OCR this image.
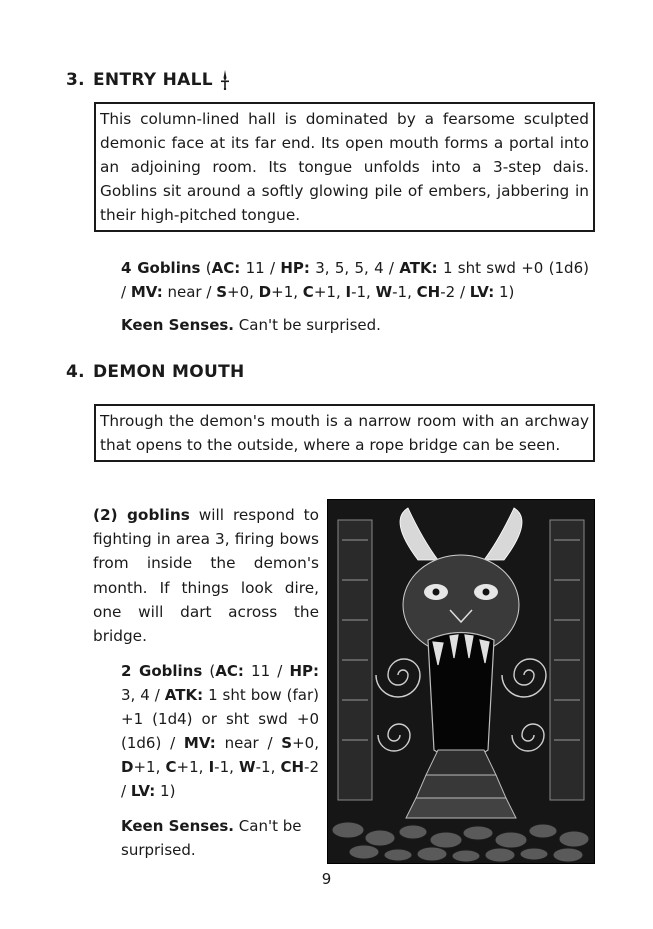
3. ENTRY HALL
This column-lined hall is dominated by a fearsome sculpted demonic face at its far end. Its open mouth forms a portal into an adjoining room. Its tongue unfolds into a 3-step dais. Goblins sit around a softly glowing pile of embers, jabbering in their high-pitched tongue.
4 Goblins (AC: 11 / HP: 3, 5, 5, 4 / ATK: 1 sht swd +0 (1d6) / MV: near / S+0, D+1, C+1, I-1, W-1, CH-2 / LV: 1)
Keen Senses. Can't be surprised.
4. DEMON MOUTH
Through the demon's mouth is a narrow room with an archway that opens to the outside, where a rope bridge can be seen.
(2) goblins will respond to fighting in area 3, firing bows from inside the demon's month. If things look dire, one will dart across the bridge.
2 Goblins (AC: 11 / HP: 3, 4 / ATK: 1 sht bow (far) +1 (1d4) or sht swd +0 (1d6) / MV: near / S+0, D+1, C+1, I-1, W-1, CH-2 / LV: 1)
Keen Senses. Can't be surprised.
9
